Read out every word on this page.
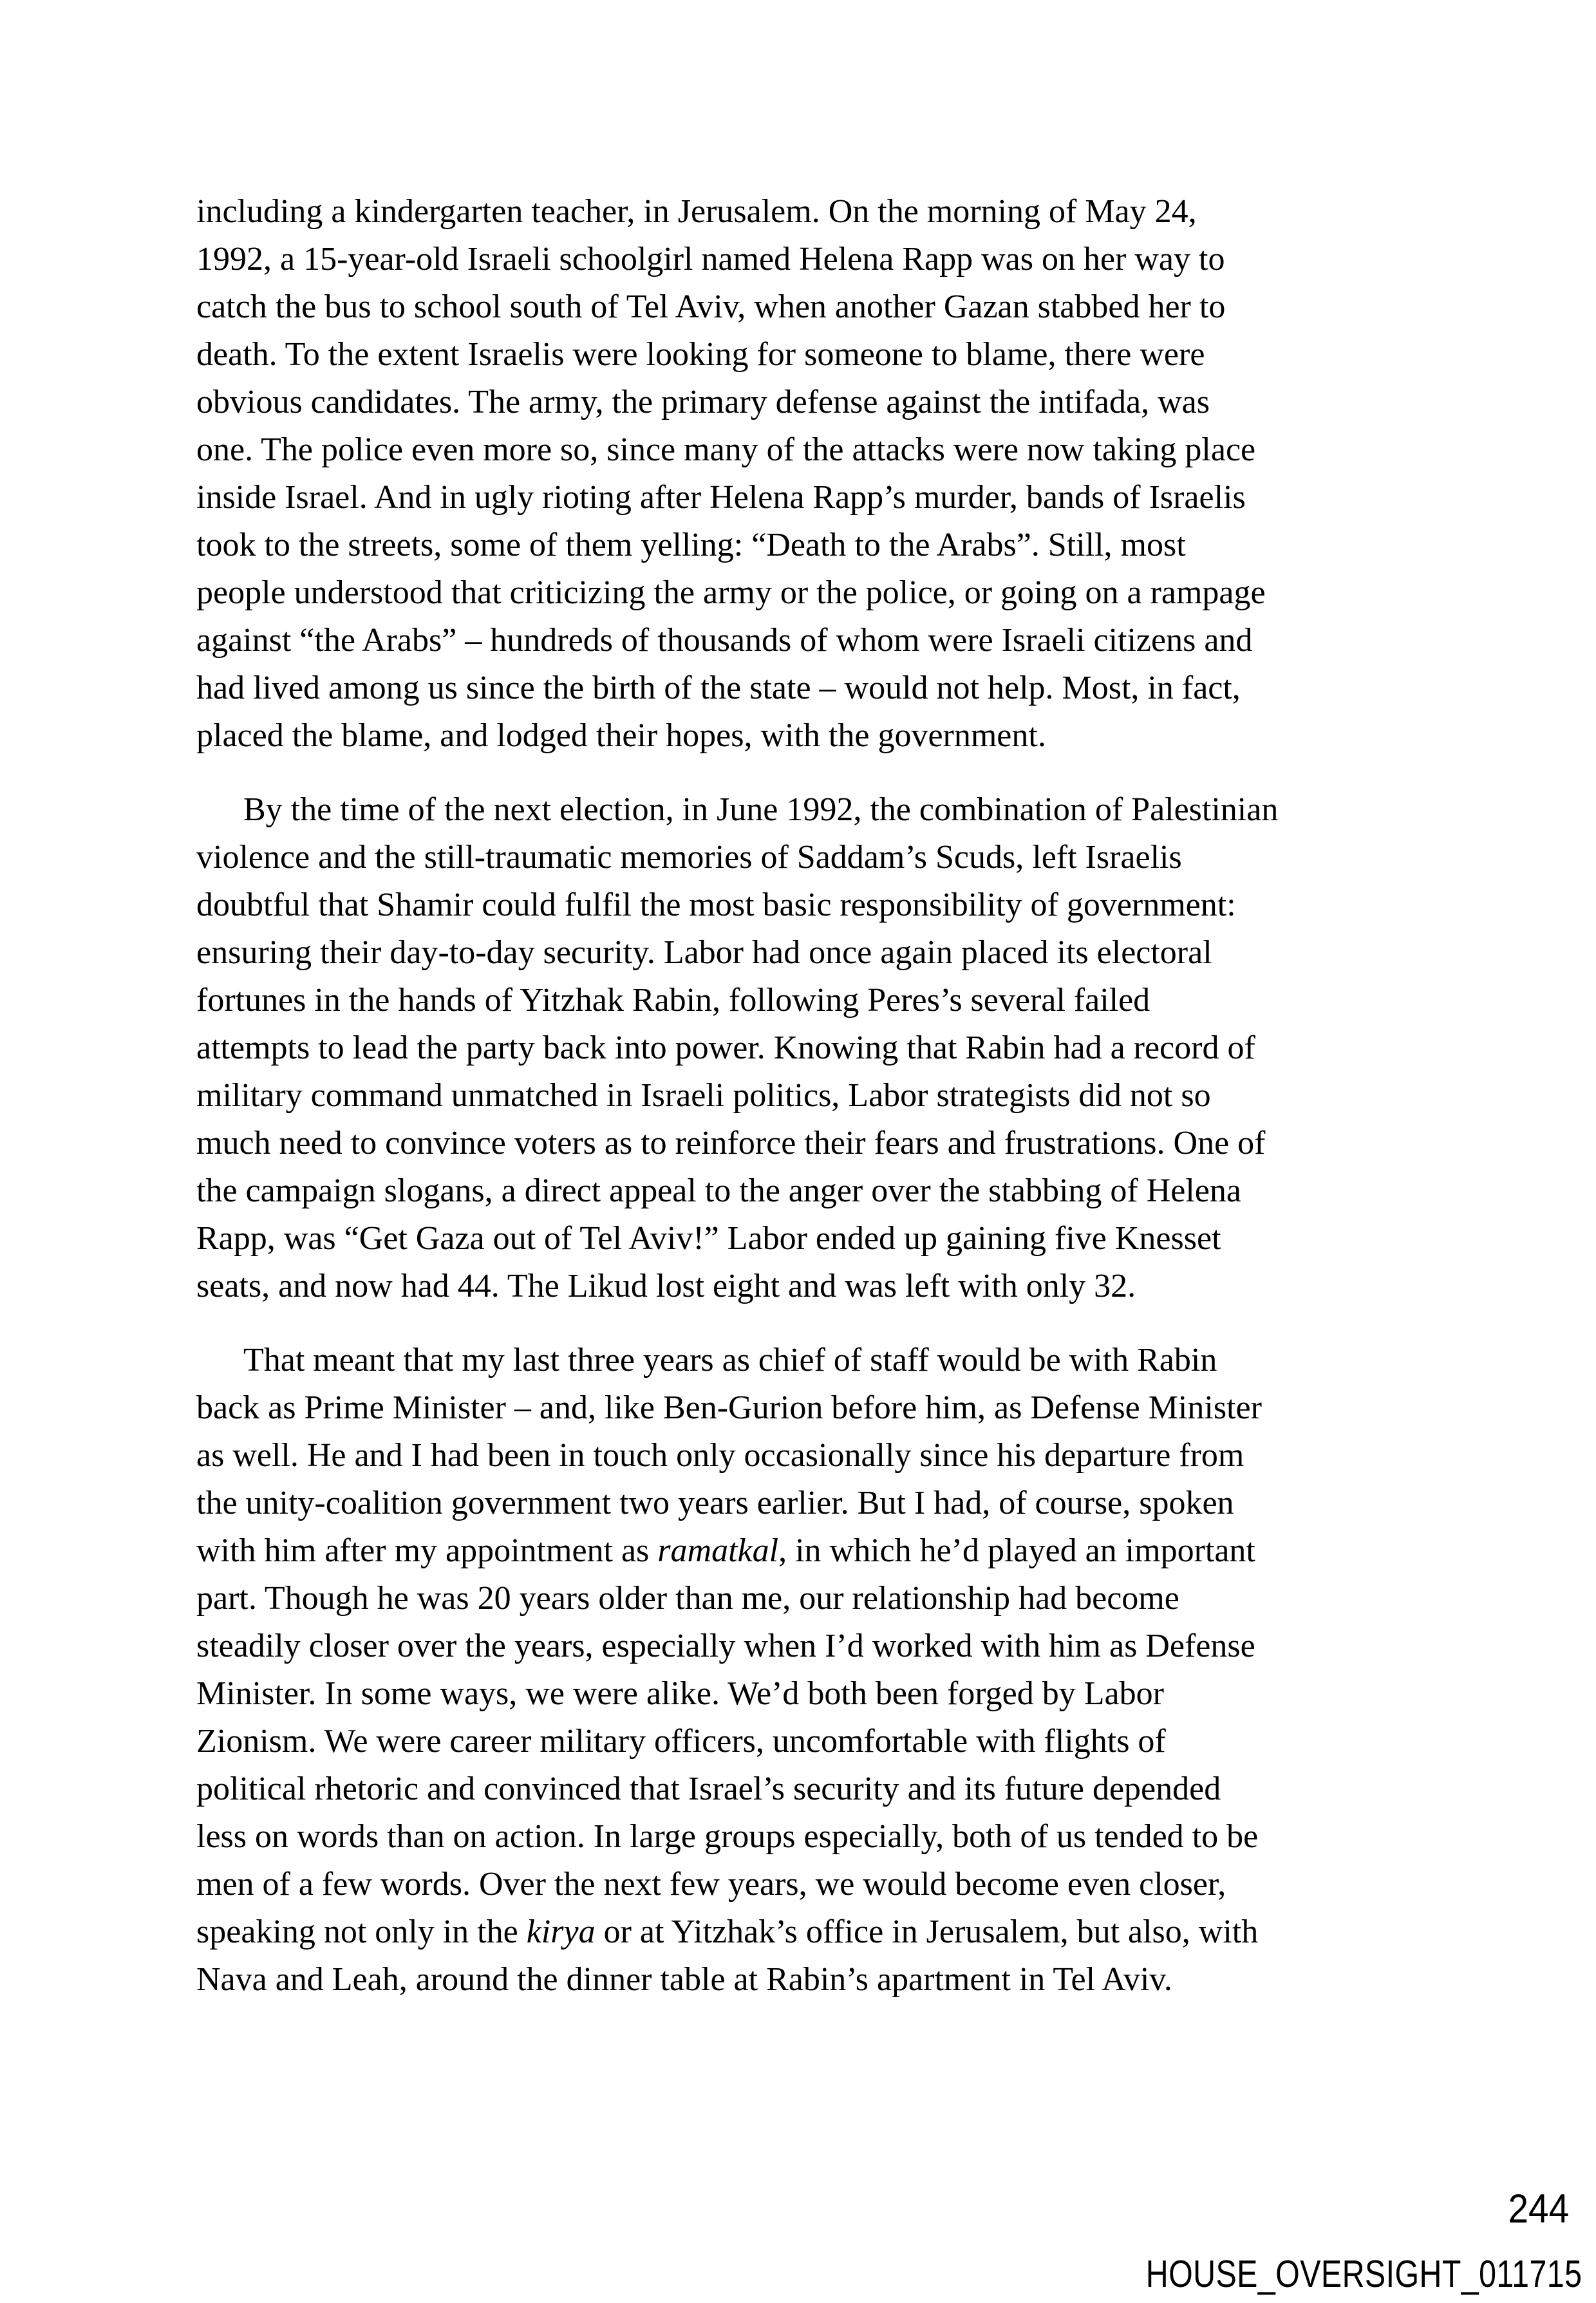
including a kindergarten teacher, in Jerusalem. On the morning of May 24,
1992, a 15-year-old Israeli schoolgirl named Helena Rapp was on her way to
catch the bus to school south of Tel Aviv, when another Gazan stabbed her to
death. To the extent Israelis were looking for someone to blame, there were
obvious candidates. The army, the primary defense against the intifada, was
one. The police even more so, since many of the attacks were now taking place
inside Israel. And in ugly rioting after Helena Rapp’s murder, bands of Israelis
took to the streets, some of them yelling: “Death to the Arabs”. Still, most
people understood that criticizing the army or the police, or going on a rampage
against “the Arabs” – hundreds of thousands of whom were Israeli citizens and
had lived among us since the birth of the state – would not help. Most, in fact,
placed the blame, and lodged their hopes, with the government.

By the time of the next election, in June 1992, the combination of Palestinian
violence and the still-traumatic memories of Saddam’s Scuds, left Israelis
doubtful that Shamir could fulfil the most basic responsibility of government:
ensuring their day-to-day security. Labor had once again placed its electoral
fortunes in the hands of Yitzhak Rabin, following Peres’s several failed
attempts to lead the party back into power. Knowing that Rabin had a record of
military command unmatched in Israeli politics, Labor strategists did not so
much need to convince voters as to reinforce their fears and frustrations. One of
the campaign slogans, a direct appeal to the anger over the stabbing of Helena
Rapp, was “Get Gaza out of Tel Aviv!” Labor ended up gaining five Knesset
seats, and now had 44. The Likud lost eight and was left with only 32.

That meant that my last three years as chief of staff would be with Rabin
back as Prime Minister – and, like Ben-Gurion before him, as Defense Minister
as well. He and I had been in touch only occasionally since his departure from
the unity-coalition government two years earlier. But I had, of course, spoken
with him after my appointment as ramatkal, in which he’d played an important
part. Though he was 20 years older than me, our relationship had become
steadily closer over the years, especially when I’d worked with him as Defense
Minister. In some ways, we were alike. We’d both been forged by Labor
Zionism. We were career military officers, uncomfortable with flights of
political rhetoric and convinced that Israel’s security and its future depended
less on words than on action. In large groups especially, both of us tended to be
men of a few words. Over the next few years, we would become even closer,
speaking not only in the kirya or at Yitzhak’s office in Jerusalem, but also, with
Nava and Leah, around the dinner table at Rabin’s apartment in Tel Aviv.

244
HOUSE_OVERSIGHT_011715
